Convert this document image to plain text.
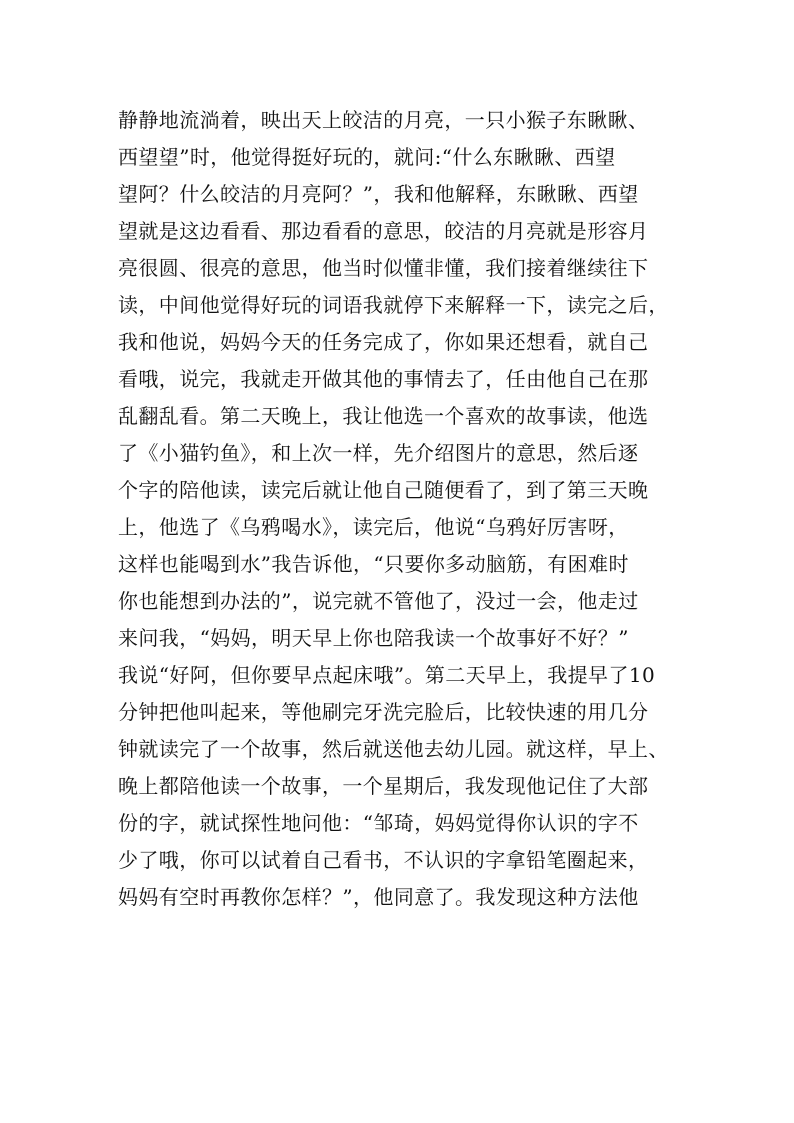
静静地流淌着，映出天上皎洁的月亮，一只小猴子东瞅瞅、
西望望”时，他觉得挺好玩的，就问:“什么东瞅瞅、西望
望阿？什么皎洁的月亮阿？”，我和他解释，东瞅瞅、西望
望就是这边看看、那边看看的意思，皎洁的月亮就是形容月
亮很圆、很亮的意思，他当时似懂非懂，我们接着继续往下
读，中间他觉得好玩的词语我就停下来解释一下，读完之后，
我和他说，妈妈今天的任务完成了，你如果还想看，就自己
看哦，说完，我就走开做其他的事情去了，任由他自己在那
乱翻乱看。第二天晚上，我让他选一个喜欢的故事读，他选
了《小猫钓鱼》，和上次一样，先介绍图片的意思，然后逐
个字的陪他读，读完后就让他自己随便看了，到了第三天晚
上，他选了《乌鸦喝水》，读完后，他说“乌鸦好厉害呀，
这样也能喝到水”我告诉他，“只要你多动脑筋，有困难时
你也能想到办法的”，说完就不管他了，没过一会，他走过
来问我，“妈妈，明天早上你也陪我读一个故事好不好？”
我说“好阿，但你要早点起床哦”。第二天早上，我提早了10
分钟把他叫起来，等他刷完牙洗完脸后，比较快速的用几分
钟就读完了一个故事，然后就送他去幼儿园。就这样，早上、
晚上都陪他读一个故事，一个星期后，我发现他记住了大部
份的字，就试探性地问他：“邹琦，妈妈觉得你认识的字不
少了哦，你可以试着自己看书，不认识的字拿铅笔圈起来，
妈妈有空时再教你怎样？”，他同意了。我发现这种方法他
